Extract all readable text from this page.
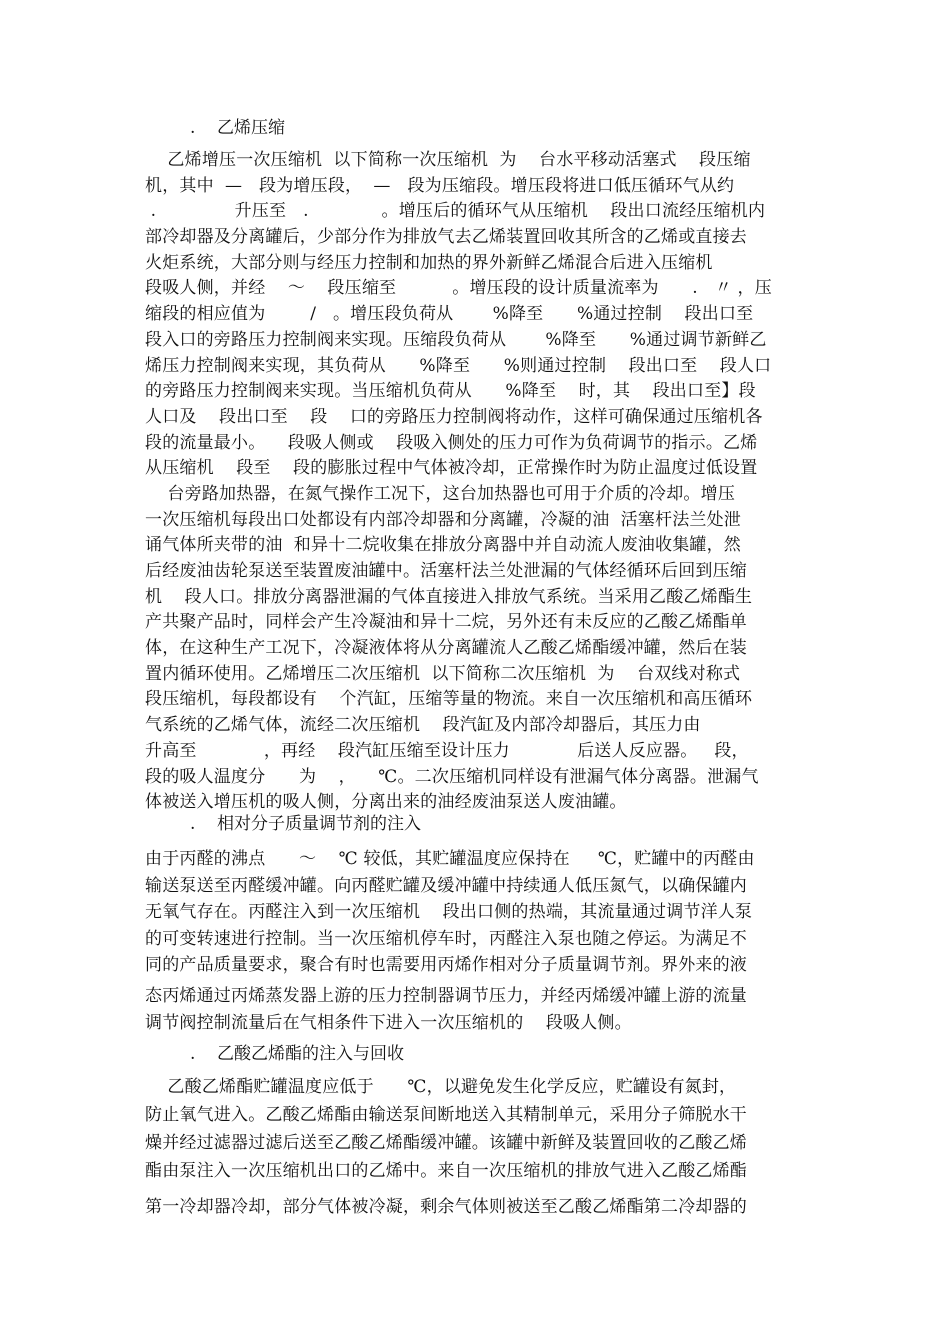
.    乙烯压缩
乙烯增压一次压缩机  以下简称一次压缩机  为    台水平移动活塞式    段压缩
机，其中  —   段为增压段，  —   段为压缩段。增压段将进口低压循环气从约
.              升压至   .             。增压后的循环气从压缩机    段出口流经压缩机内
部冷却器及分离罐后，少部分作为排放气去乙烯装置回收其所含的乙烯或直接去
火炬系统，大部分则与经压力控制和加热的界外新鲜乙烯混合后进入压缩机
段吸人侧，并经    ～    段压缩至          。增压段的设计质量流率为      .   〃 ，压
缩段的相应值为        /   。增压段负荷从       %降至      %通过控制    段出口至
段入口的旁路压力控制阀来实现。压缩段负荷从       %降至      %通过调节新鲜乙
烯压力控制阀来实现，其负荷从      %降至      %则通过控制    段出口至    段人口
的旁路压力控制阀来实现。当压缩机负荷从      %降至    时，其    段出口至】段
人口及    段出口至    段    口的旁路压力控制阀将动作，这样可确保通过压缩机各
段的流量最小。    段吸人侧或    段吸入侧处的压力可作为负荷调节的指示。乙烯
从压缩机    段至    段的膨胀过程中气体被冷却，正常操作时为防止温度过低设置
台旁路加热器，在氮气操作工况下，这台加热器也可用于介质的冷却。增压
一次压缩机每段出口处都设有内部冷却器和分离罐，冷凝的油  活塞杆法兰处泄
诵气体所夹带的油  和异十二烷收集在排放分离器中并自动流人废油收集罐，然
后经废油齿轮泵送至装置废油罐中。活塞杆法兰处泄漏的气体经循环后回到压缩
机    段人口。排放分离器泄漏的气体直接进入排放气系统。当采用乙酸乙烯酯生
产共聚产品时，同样会产生冷凝油和异十二烷，另外还有未反应的乙酸乙烯酯单
体，在这种生产工况下，冷凝液体将从分离罐流人乙酸乙烯酯缓冲罐，然后在装
置内循环使用。乙烯增压二次压缩机  以下简称二次压缩机  为    台双线对称式
段压缩机，每段都设有    个汽缸，压缩等量的物流。来自一次压缩机和高压循环
气系统的乙烯气体，流经二次压缩机    段汽缸及内部冷却器后，其压力由
升高至            ，再经    段汽缸压缩至设计压力            后送人反应器。   段，
段的吸人温度分      为    ，    ℃。二次压缩机同样设有泄漏气体分离器。泄漏气
体被送入增压机的吸人侧，分离出来的油经废油泵送人废油罐。
.    相对分子质量调节剂的注入
由于丙醛的沸点      ～    ℃ 较低，其贮罐温度应保持在     ℃，贮罐中的丙醛由
输送泵送至丙醛缓冲罐。向丙醛贮罐及缓冲罐中持续通人低压氮气，以确保罐内
无氧气存在。丙醛注入到一次压缩机    段出口侧的热端，其流量通过调节洋人泵
的可变转速进行控制。当一次压缩机停车时，丙醛注入泵也随之停运。为满足不
同的产品质量要求，聚合有时也需要用丙烯作相对分子质量调节剂。界外来的液
态丙烯通过丙烯蒸发器上游的压力控制器调节压力，并经丙烯缓冲罐上游的流量
调节阀控制流量后在气相条件下进入一次压缩机的    段吸人侧。
.    乙酸乙烯酯的注入与回收
乙酸乙烯酯贮罐温度应低于      ℃，以避免发生化学反应，贮罐设有氮封，
防止氧气进入。乙酸乙烯酯由输送泵间断地送入其精制单元，采用分子筛脱水干
燥并经过滤器过滤后送至乙酸乙烯酯缓冲罐。该罐中新鲜及装置回收的乙酸乙烯
酯由泵注入一次压缩机出口的乙烯中。来自一次压缩机的排放气进入乙酸乙烯酯
第一冷却器冷却，部分气体被冷凝，剩余气体则被送至乙酸乙烯酯第二冷却器的
